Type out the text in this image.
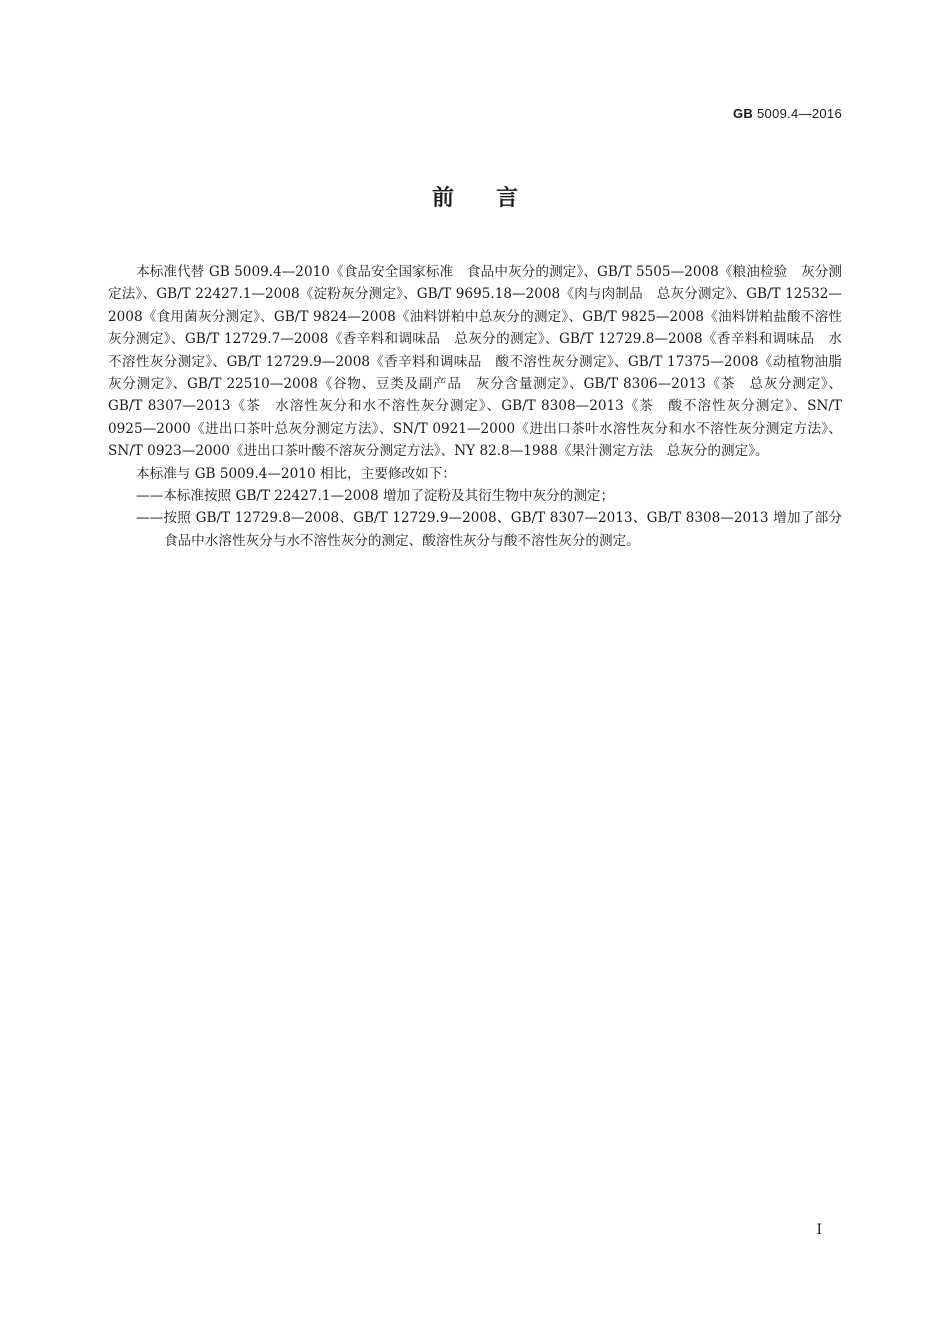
GB 5009.4—2016
前言

本标准代替 GB 5009.4—2010《食品安全国家标准　食品中灰分的测定》、GB/T 5505—2008《粮油检验　灰分测定法》、GB/T 22427.1—2008《淀粉灰分测定》、GB/T 9695.18—2008《肉与肉制品　总灰分测定》、GB/T 12532—2008《食用菌灰分测定》、GB/T 9824—2008《油料饼粕中总灰分的测定》、GB/T 9825—2008《油料饼粕盐酸不溶性灰分测定》、GB/T 12729.7—2008《香辛料和调味品　总灰分的测定》、GB/T 12729.8—2008《香辛料和调味品　水不溶性灰分测定》、GB/T 12729.9—2008《香辛料和调味品　酸不溶性灰分测定》、GB/T 17375—2008《动植物油脂　灰分测定》、GB/T 22510—2008《谷物、豆类及副产品　灰分含量测定》、GB/T 8306—2013《茶　总灰分测定》、GB/T 8307—2013《茶　水溶性灰分和水不溶性灰分测定》、GB/T 8308—2013《茶　酸不溶性灰分测定》、SN/T 0925—2000《进出口茶叶总灰分测定方法》、SN/T 0921—2000《进出口茶叶水溶性灰分和水不溶性灰分测定方法》、SN/T 0923—2000《进出口茶叶酸不溶灰分测定方法》、NY 82.8—1988《果汁测定方法　总灰分的测定》。

本标准与 GB 5009.4—2010 相比，主要修改如下：

——本标准按照 GB/T 22427.1—2008 增加了淀粉及其衍生物中灰分的测定；

——按照 GB/T 12729.8—2008、GB/T 12729.9—2008、GB/T 8307—2013、GB/T 8308—2013 增加了部分食品中水溶性灰分与水不溶性灰分的测定、酸溶性灰分与酸不溶性灰分的测定。

I
